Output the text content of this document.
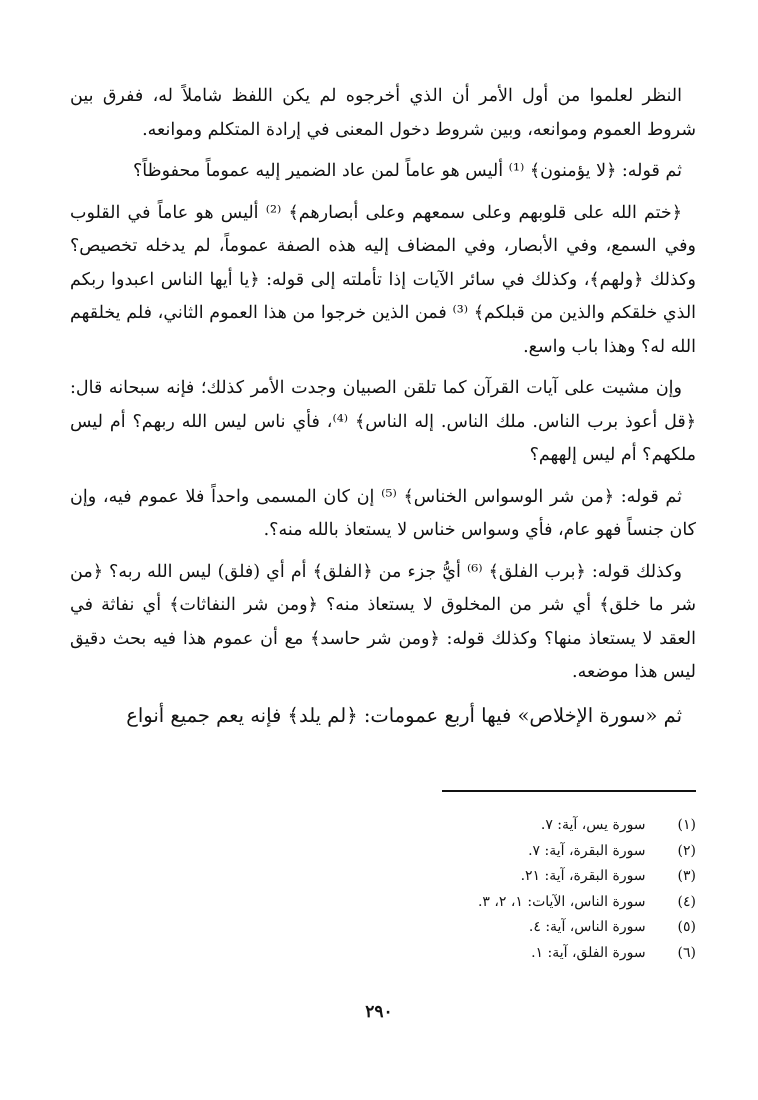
النظر لعلموا من أول الأمر أن الذي أخرجوه لم يكن اللفظ شاملاً له، ففرق بين شروط العموم وموانعه، وبين شروط دخول المعنى في إرادة المتكلم وموانعه.

ثم قوله: ﴿لا يؤمنون﴾ ⁽¹⁾ أليس هو عاماً لمن عاد الضمير إليه عموماً محفوظاً؟

﴿ختم الله على قلوبهم وعلى سمعهم وعلى أبصارهم﴾ ⁽²⁾ أليس هو عاماً في القلوب وفي السمع، وفي الأبصار، وفي المضاف إليه هذه الصفة عموماً، لم يدخله تخصيص؟ وكذلك ﴿ولهم﴾، وكذلك في سائر الآيات إذا تأملته إلى قوله: ﴿يا أيها الناس اعبدوا ربكم الذي خلقكم والذين من قبلكم﴾ ⁽³⁾ فمن الذين خرجوا من هذا العموم الثاني، فلم يخلقهم الله له؟ وهذا باب واسع.

وإن مشيت على آيات القرآن كما تلقن الصبيان وجدت الأمر كذلك؛ فإنه سبحانه قال: ﴿قل أعوذ برب الناس. ملك الناس. إله الناس﴾ ⁽⁴⁾، فأي ناس ليس الله ربهم؟ أم ليس ملكهم؟ أم ليس إلههم؟

ثم قوله: ﴿من شر الوسواس الخناس﴾ ⁽⁵⁾ إن كان المسمى واحداً فلا عموم فيه، وإن كان جنساً فهو عام، فأي وسواس خناس لا يستعاذ بالله منه؟.

وكذلك قوله: ﴿برب الفلق﴾ ⁽⁶⁾ أيُّ جزء من ﴿الفلق﴾ أم أي (فلق) ليس الله ربه؟ ﴿من شر ما خلق﴾ أي شر من المخلوق لا يستعاذ منه؟ ﴿ومن شر النفاثات﴾ أي نفاثة في العقد لا يستعاذ منها؟ وكذلك قوله: ﴿ومن شر حاسد﴾ مع أن عموم هذا فيه بحث دقيق ليس هذا موضعه.

ثم «سورة الإخلاص» فيها أربع عمومات: ﴿لم يلد﴾ فإنه يعم جميع أنواع

(١) سورة يس، آية: ٧.
(٢) سورة البقرة، آية: ٧.
(٣) سورة البقرة، آية: ٢١.
(٤) سورة الناس، الآيات: ١، ٢، ٣.
(٥) سورة الناس، آية: ٤.
(٦) سورة الفلق، آية: ١.
٢٩٠
